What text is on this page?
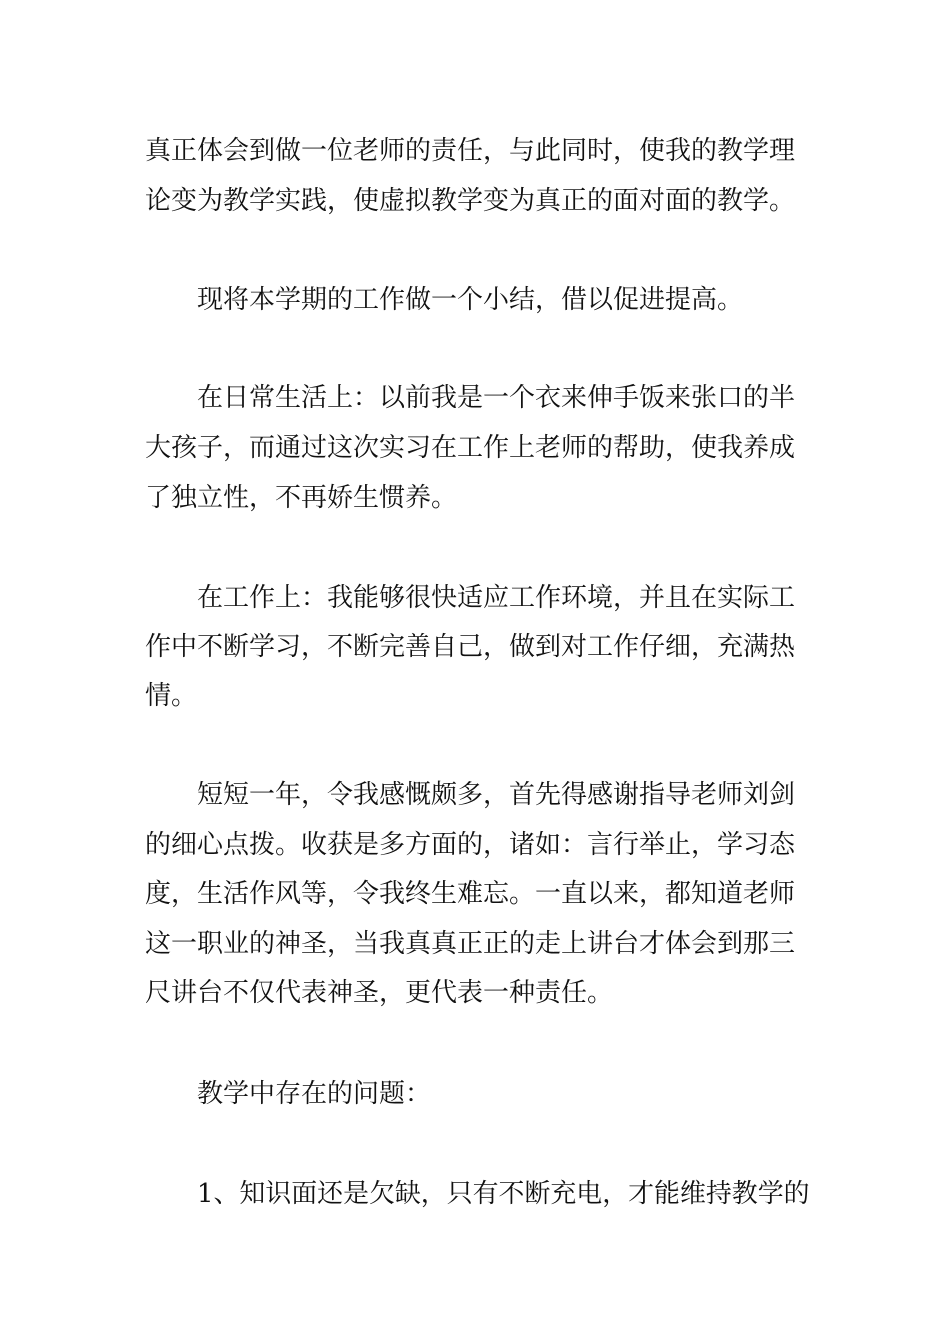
真正体会到做一位老师的责任，与此同时，使我的教学理
论变为教学实践，使虚拟教学变为真正的面对面的教学。
现将本学期的工作做一个小结，借以促进提高。
在日常生活上：以前我是一个衣来伸手饭来张口的半
大孩子，而通过这次实习在工作上老师的帮助，使我养成
了独立性，不再娇生惯养。
在工作上：我能够很快适应工作环境，并且在实际工
作中不断学习，不断完善自己，做到对工作仔细，充满热
情。
短短一年，令我感慨颇多，首先得感谢指导老师刘剑
的细心点拨。收获是多方面的，诸如：言行举止，学习态
度，生活作风等，令我终生难忘。一直以来，都知道老师
这一职业的神圣，当我真真正正的走上讲台才体会到那三
尺讲台不仅代表神圣，更代表一种责任。
教学中存在的问题：
1、知识面还是欠缺，只有不断充电，才能维持教学的
